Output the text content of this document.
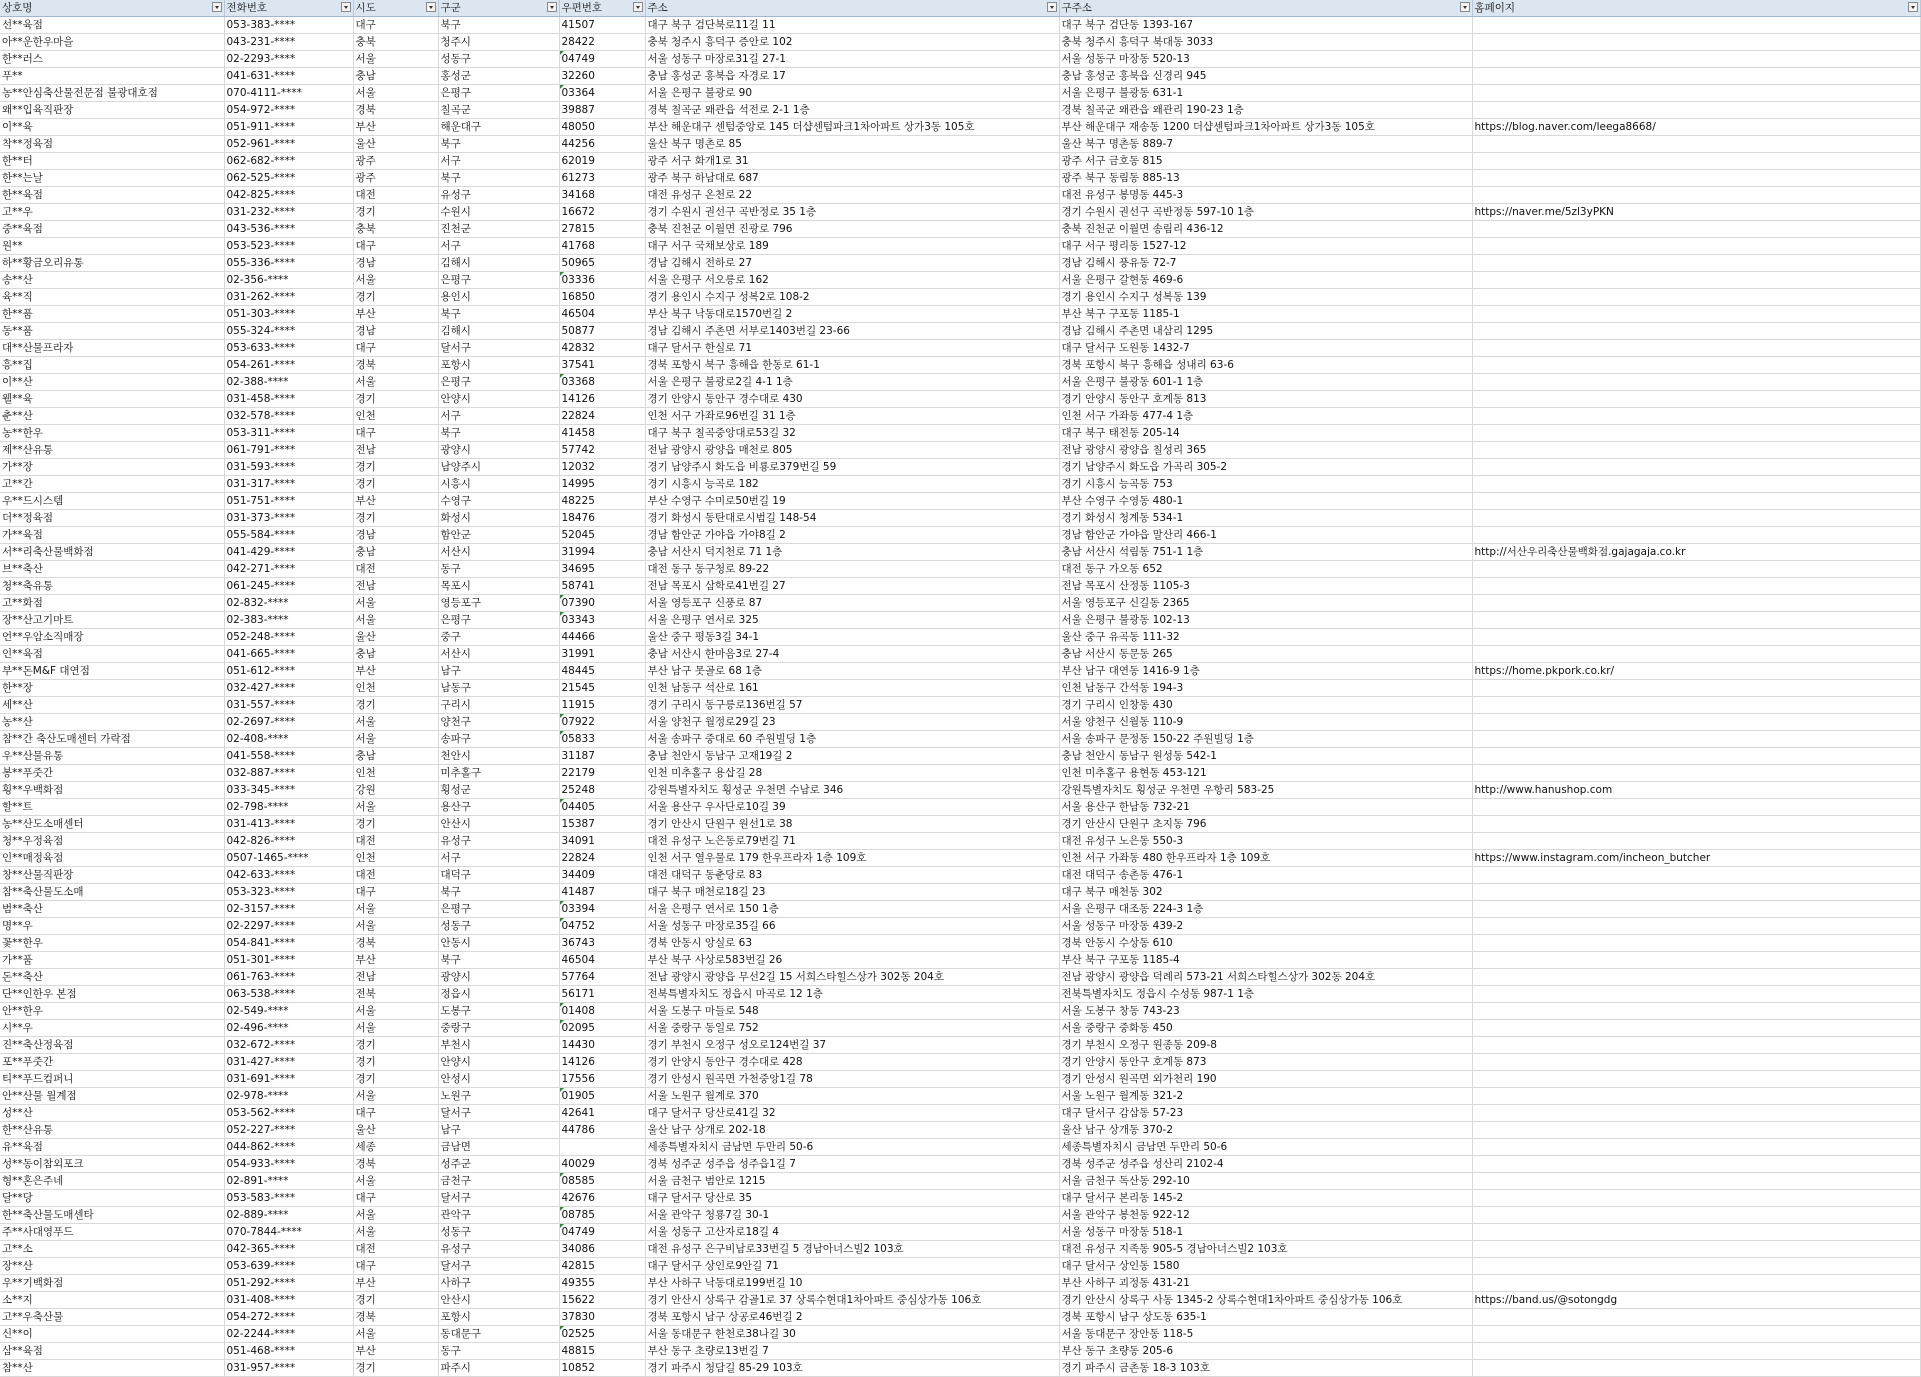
상호명	전화번호	시도	구군	우편번호	주소	구주소	홈페이지

선**육점	053-383-****	대구	북구	41507	대구 북구 검단북로11길 11	대구 북구 검단동 1393-167	
아**운한우마을	043-231-****	충북	청주시	28422	충북 청주시 흥덕구 증안로 102	충북 청주시 흥덕구 북대동 3033	
한**러스	02-2293-****	서울	성동구	04749	서울 성동구 마장로31길 27-1	서울 성동구 마장동 520-13	
푸**	041-631-****	충남	홍성군	32260	충남 홍성군 홍북읍 자경로 17	충남 홍성군 홍북읍 신경리 945	
농**안심축산물전문점 불광대호점	070-4111-****	서울	은평구	03364	서울 은평구 불광로 90	서울 은평구 불광동 631-1	
왜**입육직판장	054-972-****	경북	칠곡군	39887	경북 칠곡군 왜관읍 석전로 2-1 1층	경북 칠곡군 왜관읍 왜관리 190-23 1층	
이**육	051-911-****	부산	해운대구	48050	부산 해운대구 센텀중앙로 145 더샵센텀파크1차아파트 상가3동 105호	부산 해운대구 재송동 1200 더샵센텀파크1차아파트 상가3동 105호	https://blog.naver.com/leega8668/
착**정육점	052-961-****	울산	북구	44256	울산 북구 명촌로 85	울산 북구 명촌동 889-7	
한**터	062-682-****	광주	서구	62019	광주 서구 화개1로 31	광주 서구 금호동 815	
한**는날	062-525-****	광주	북구	61273	광주 북구 하남대로 687	광주 북구 동림동 885-13	
한**육점	042-825-****	대전	유성구	34168	대전 유성구 온천로 22	대전 유성구 봉명동 445-3	
고**우	031-232-****	경기	수원시	16672	경기 수원시 권선구 곡반정로 35 1층	경기 수원시 권선구 곡반정동 597-10 1층	https://naver.me/5zl3yPKN
중**육점	043-536-****	충북	진천군	27815	충북 진천군 이월면 진광로 796	충북 진천군 이월면 송림리 436-12	
원**	053-523-****	대구	서구	41768	대구 서구 국채보상로 189	대구 서구 평리동 1527-12	
하**황금오리유통	055-336-****	경남	김해시	50965	경남 김해시 전하로 27	경남 김해시 풍유동 72-7	
송**산	02-356-****	서울	은평구	03336	서울 은평구 서오릉로 162	서울 은평구 갈현동 469-6	
육**직	031-262-****	경기	용인시	16850	경기 용인시 수지구 성복2로 108-2	경기 용인시 수지구 성복동 139	
한**품	051-303-****	부산	북구	46504	부산 북구 낙동대로1570번길 2	부산 북구 구포동 1185-1	
동**품	055-324-****	경남	김해시	50877	경남 김해시 주촌면 서부로1403번길 23-66	경남 김해시 주촌면 내삼리 1295	
대**산물프라자	053-633-****	대구	달서구	42832	대구 달서구 한실로 71	대구 달서구 도원동 1432-7	
흥**집	054-261-****	경북	포항시	37541	경북 포항시 북구 흥해읍 한동로 61-1	경북 포항시 북구 흥해읍 성내리 63-6	
이**산	02-388-****	서울	은평구	03368	서울 은평구 불광로2길 4-1 1층	서울 은평구 불광동 601-1 1층	
웰**육	031-458-****	경기	안양시	14126	경기 안양시 동안구 경수대로 430	경기 안양시 동안구 호계동 813	
춘**산	032-578-****	인천	서구	22824	인천 서구 가좌로96번길 31 1층	인천 서구 가좌동 477-4 1층	
농**한우	053-311-****	대구	북구	41458	대구 북구 칠곡중앙대로53길 32	대구 북구 태전동 205-14	
제**산유통	061-791-****	전남	광양시	57742	전남 광양시 광양읍 매천로 805	전남 광양시 광양읍 칠성리 365	
가**장	031-593-****	경기	남양주시	12032	경기 남양주시 화도읍 비룡로379번길 59	경기 남양주시 화도읍 가곡리 305-2	
고**간	031-317-****	경기	시흥시	14995	경기 시흥시 능곡로 182	경기 시흥시 능곡동 753	
우**드시스템	051-751-****	부산	수영구	48225	부산 수영구 수미로50번길 19	부산 수영구 수영동 480-1	
더**정육점	031-373-****	경기	화성시	18476	경기 화성시 동탄대로시범길 148-54	경기 화성시 청계동 534-1	
가**육점	055-584-****	경남	함안군	52045	경남 함안군 가야읍 가야8길 2	경남 함안군 가야읍 말산리 466-1	
서**리축산물백화점	041-429-****	충남	서산시	31994	충남 서산시 덕지천로 71 1층	충남 서산시 석림동 751-1 1층	http://서산우리축산물백화점.gajagaja.co.kr
브**축산	042-271-****	대전	동구	34695	대전 동구 동구청로 89-22	대전 동구 가오동 652	
청**축유통	061-245-****	전남	목포시	58741	전남 목포시 삼학로41번길 27	전남 목포시 산정동 1105-3	
고**화점	02-832-****	서울	영등포구	07390	서울 영등포구 신풍로 87	서울 영등포구 신길동 2365	
장**산고기마트	02-383-****	서울	은평구	03343	서울 은평구 연서로 325	서울 은평구 불광동 102-13	
언**우암소직매장	052-248-****	울산	중구	44466	울산 중구 평동3길 34-1	울산 중구 유곡동 111-32	
인**육점	041-665-****	충남	서산시	31991	충남 서산시 한마음3로 27-4	충남 서산시 동문동 265	
부**돈M&F 대연점	051-612-****	부산	남구	48445	부산 남구 못골로 68 1층	부산 남구 대연동 1416-9 1층	https://home.pkpork.co.kr/
한**장	032-427-****	인천	남동구	21545	인천 남동구 석산로 161	인천 남동구 간석동 194-3	
세**산	031-557-****	경기	구리시	11915	경기 구리시 동구릉로136번길 57	경기 구리시 인창동 430	
농**산	02-2697-****	서울	양천구	07922	서울 양천구 월정로29길 23	서울 양천구 신월동 110-9	
참**간 축산도매센터 가락점	02-408-****	서울	송파구	05833	서울 송파구 중대로 60 주원빌딩 1층	서울 송파구 문정동 150-22 주원빌딩 1층	
우**산물유통	041-558-****	충남	천안시	31187	충남 천안시 동남구 고재19길 2	충남 천안시 동남구 원성동 542-1	
봉**푸줏간	032-887-****	인천	미추홀구	22179	인천 미추홀구 용삽길 28	인천 미추홀구 용현동 453-121	
횡**우백화점	033-345-****	강원	횡성군	25248	강원특별자치도 횡성군 우천면 수남로 346	강원특별자치도 횡성군 우천면 우항리 583-25	http://www.hanushop.com
할**트	02-798-****	서울	용산구	04405	서울 용산구 우사단로10길 39	서울 용산구 한남동 732-21	
농**산도소매센터	031-413-****	경기	안산시	15387	경기 안산시 단원구 원선1로 38	경기 안산시 단원구 초지동 796	
청**우정육점	042-826-****	대전	유성구	34091	대전 유성구 노은동로79번길 71	대전 유성구 노은동 550-3	
인**매정육점	0507-1465-****	인천	서구	22824	인천 서구 열우물로 179 한우프라자 1층 109호	인천 서구 가좌동 480 한우프라자 1층 109호	https://www.instagram.com/incheon_butcher
창**산물직판장	042-633-****	대전	대덕구	34409	대전 대덕구 동춘당로 83	대전 대덕구 송촌동 476-1	
참**축산물도소매	053-323-****	대구	북구	41487	대구 북구 매천로18길 23	대구 북구 매천동 302	
범**축산	02-3157-****	서울	은평구	03394	서울 은평구 연서로 150 1층	서울 은평구 대조동 224-3 1층	
명**우	02-2297-****	서울	성동구	04752	서울 성동구 마장로35길 66	서울 성동구 마장동 439-2	
꽃**한우	054-841-****	경북	안동시	36743	경북 안동시 앙실로 63	경북 안동시 수상동 610	
가**품	051-301-****	부산	북구	46504	부산 북구 사상로583번길 26	부산 북구 구포동 1185-4	
돈**축산	061-763-****	전남	광양시	57764	전남 광양시 광양읍 무선2길 15 서희스타힐스상가 302동 204호	전남 광양시 광양읍 덕례리 573-21 서희스타힐스상가 302동 204호	
단**인한우 본점	063-538-****	전북	정읍시	56171	전북특별자치도 정읍시 마곡로 12 1층	전북특별자치도 정읍시 수성동 987-1 1층	
안**한우	02-549-****	서울	도봉구	01408	서울 도봉구 마들로 548	서울 도봉구 창동 743-23	
시**우	02-496-****	서울	중랑구	02095	서울 중랑구 동일로 752	서울 중랑구 중화동 450	
진**축산정육점	032-672-****	경기	부천시	14430	경기 부천시 오정구 성오로124번길 37	경기 부천시 오정구 원종동 209-8	
포**푸줏간	031-427-****	경기	안양시	14126	경기 안양시 동안구 경수대로 428	경기 안양시 동안구 호계동 873	
티**푸드컴퍼니	031-691-****	경기	안성시	17556	경기 안성시 원곡면 가천중앙1길 78	경기 안성시 원곡면 외가천리 190	
안**산물 월계점	02-978-****	서울	노원구	01905	서울 노원구 월계로 370	서울 노원구 월계동 321-2	
성**산	053-562-****	대구	달서구	42641	대구 달서구 당산로41길 32	대구 달서구 감삼동 57-23	
한**산유통	052-227-****	울산	남구	44786	울산 남구 상개로 202-18	울산 남구 상개동 370-2	
유**육점	044-862-****	세종	금남면		세종특별자치시 금남면 두만리 50-6	세종특별자치시 금남면 두만리 50-6	
성**동이참외포크	054-933-****	경북	성주군	40029	경북 성주군 성주읍 성주읍1길 7	경북 성주군 성주읍 성산리 2102-4	
형**혼은주네	02-891-****	서울	금천구	08585	서울 금천구 범안로 1215	서울 금천구 독산동 292-10	
달**당	053-583-****	대구	달서구	42676	대구 달서구 당산로 35	대구 달서구 본리동 145-2	
한**축산물도매센타	02-889-****	서울	관악구	08785	서울 관악구 청룡7길 30-1	서울 관악구 봉천동 922-12	
주**사대영푸드	070-7844-****	서울	성동구	04749	서울 성동구 고산자로18길 4	서울 성동구 마장동 518-1	
고**소	042-365-****	대전	유성구	34086	대전 유성구 은구비남로33번길 5 경남아너스빌2 103호	대전 유성구 지족동 905-5 경남아너스빌2 103호	
장**산	053-639-****	대구	달서구	42815	대구 달서구 상인로9안길 71	대구 달서구 상인동 1580	
우**기백화점	051-292-****	부산	사하구	49355	부산 사하구 낙동대로199번길 10	부산 사하구 괴정동 431-21	
소**지	031-408-****	경기	안산시	15622	경기 안산시 상록구 감골1로 37 상록수현대1차아파트 중심상가동 106호	경기 안산시 상록구 사동 1345-2 상록수현대1차아파트 중심상가동 106호	https://band.us/@sotongdg
고**우축산물	054-272-****	경북	포항시	37830	경북 포항시 남구 상공로46번길 2	경북 포항시 남구 상도동 635-1	
신**이	02-2244-****	서울	동대문구	02525	서울 동대문구 한천로38나길 30	서울 동대문구 장안동 118-5	
삼**육점	051-468-****	부산	동구	48815	부산 동구 초량로13번길 7	부산 동구 초량동 205-6	
참**산	031-957-****	경기	파주시	10852	경기 파주시 청담길 85-29 103호	경기 파주시 금촌동 18-3 103호	
